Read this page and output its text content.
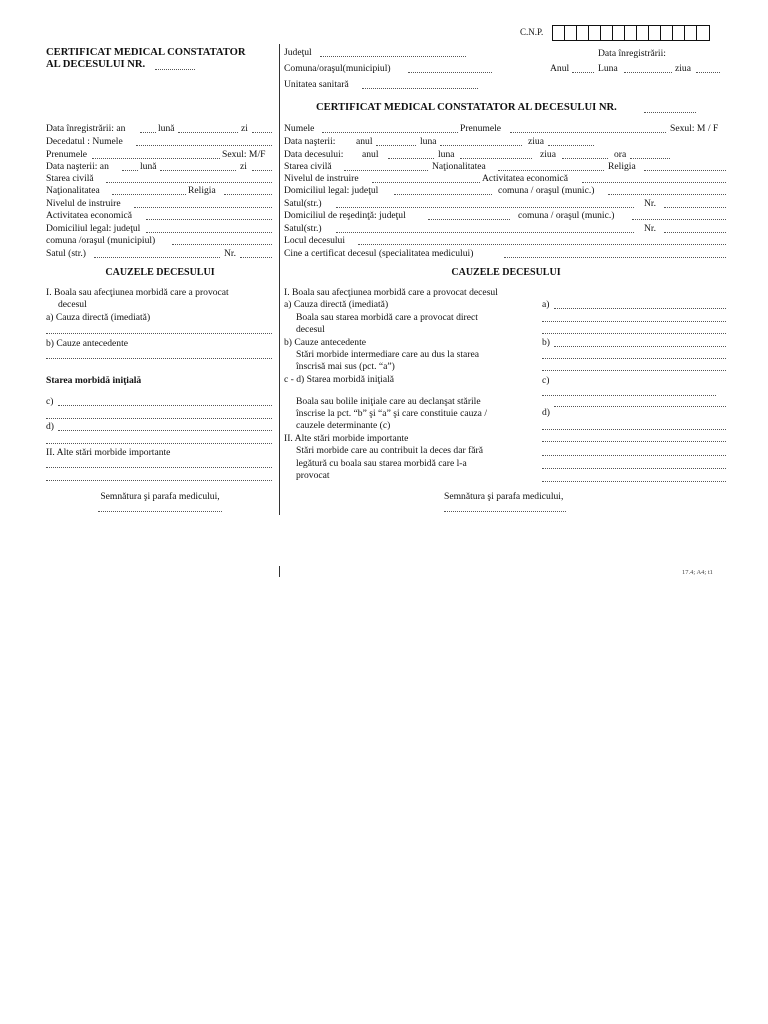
C.N.P.
CERTIFICAT MEDICAL CONSTATATOR
AL DECESULUI NR.
Data înregistrării: an	lună	zi
Decedatul : Numele
Prenumele	Sexul: M/F
Data naşterii: an	lună	zi
Starea civilă
Naţionalitatea	Religia
Nivelul de instruire
Activitatea economică
Domiciliul legal: judeţul
comuna /oraşul (municipiul)
Satul (str.)	Nr.
CAUZELE DECESULUI
I. Boala sau afecţiunea morbidă care a provocat
decesul
a) Cauza directă (imediată)
b) Cauze antecedente
Starea morbidă iniţială
c)
d)
II. Alte stări morbide importante
Semnătura şi parafa medicului,
Judeţul	Data înregistrării:
Comuna/oraşul(municipiul)	Anul	Luna	ziua
Unitatea sanitară
CERTIFICAT MEDICAL CONSTATATOR AL DECESULUI NR.
Numele	Prenumele	Sexul: M / F
Data naşterii: anul	luna	ziua
Data decesului: anul	luna	ziua	ora
Starea civilă	Naţionalitatea	Religia
Nivelul de instruire	Activitatea economică
Domiciliul legal: judeţul	comuna / oraşul (munic.)
Satul(str.)	Nr.
Domiciliul de reşedinţă: judeţul	comuna / oraşul (munic.)
Satul(str.)	Nr.
Locul decesului
Cine a certificat decesul (specialitatea medicului)
CAUZELE DECESULUI
I. Boala sau afecţiunea morbidă care a provocat decesul
a) Cauza directă (imediată)
Boala sau starea morbidă care a provocat direct
decesul
b) Cauze antecedente
Stări morbide intermediare care au dus la starea
înscrisă mai sus (pct. “a”)
c - d) Starea morbidă iniţială
Boala sau bolile iniţiale care au declanşat stările
înscrise la pct. “b” şi “a” şi care constituie cauza /
cauzele determinante (c)
II. Alte stări morbide importante
Stări morbide care au contribuit la deces dar fără
legătură cu boala sau starea morbidă care l-a
provocat
a)
b)
c)
d)
Semnătura şi parafa medicului,
17.4; A4; t1
